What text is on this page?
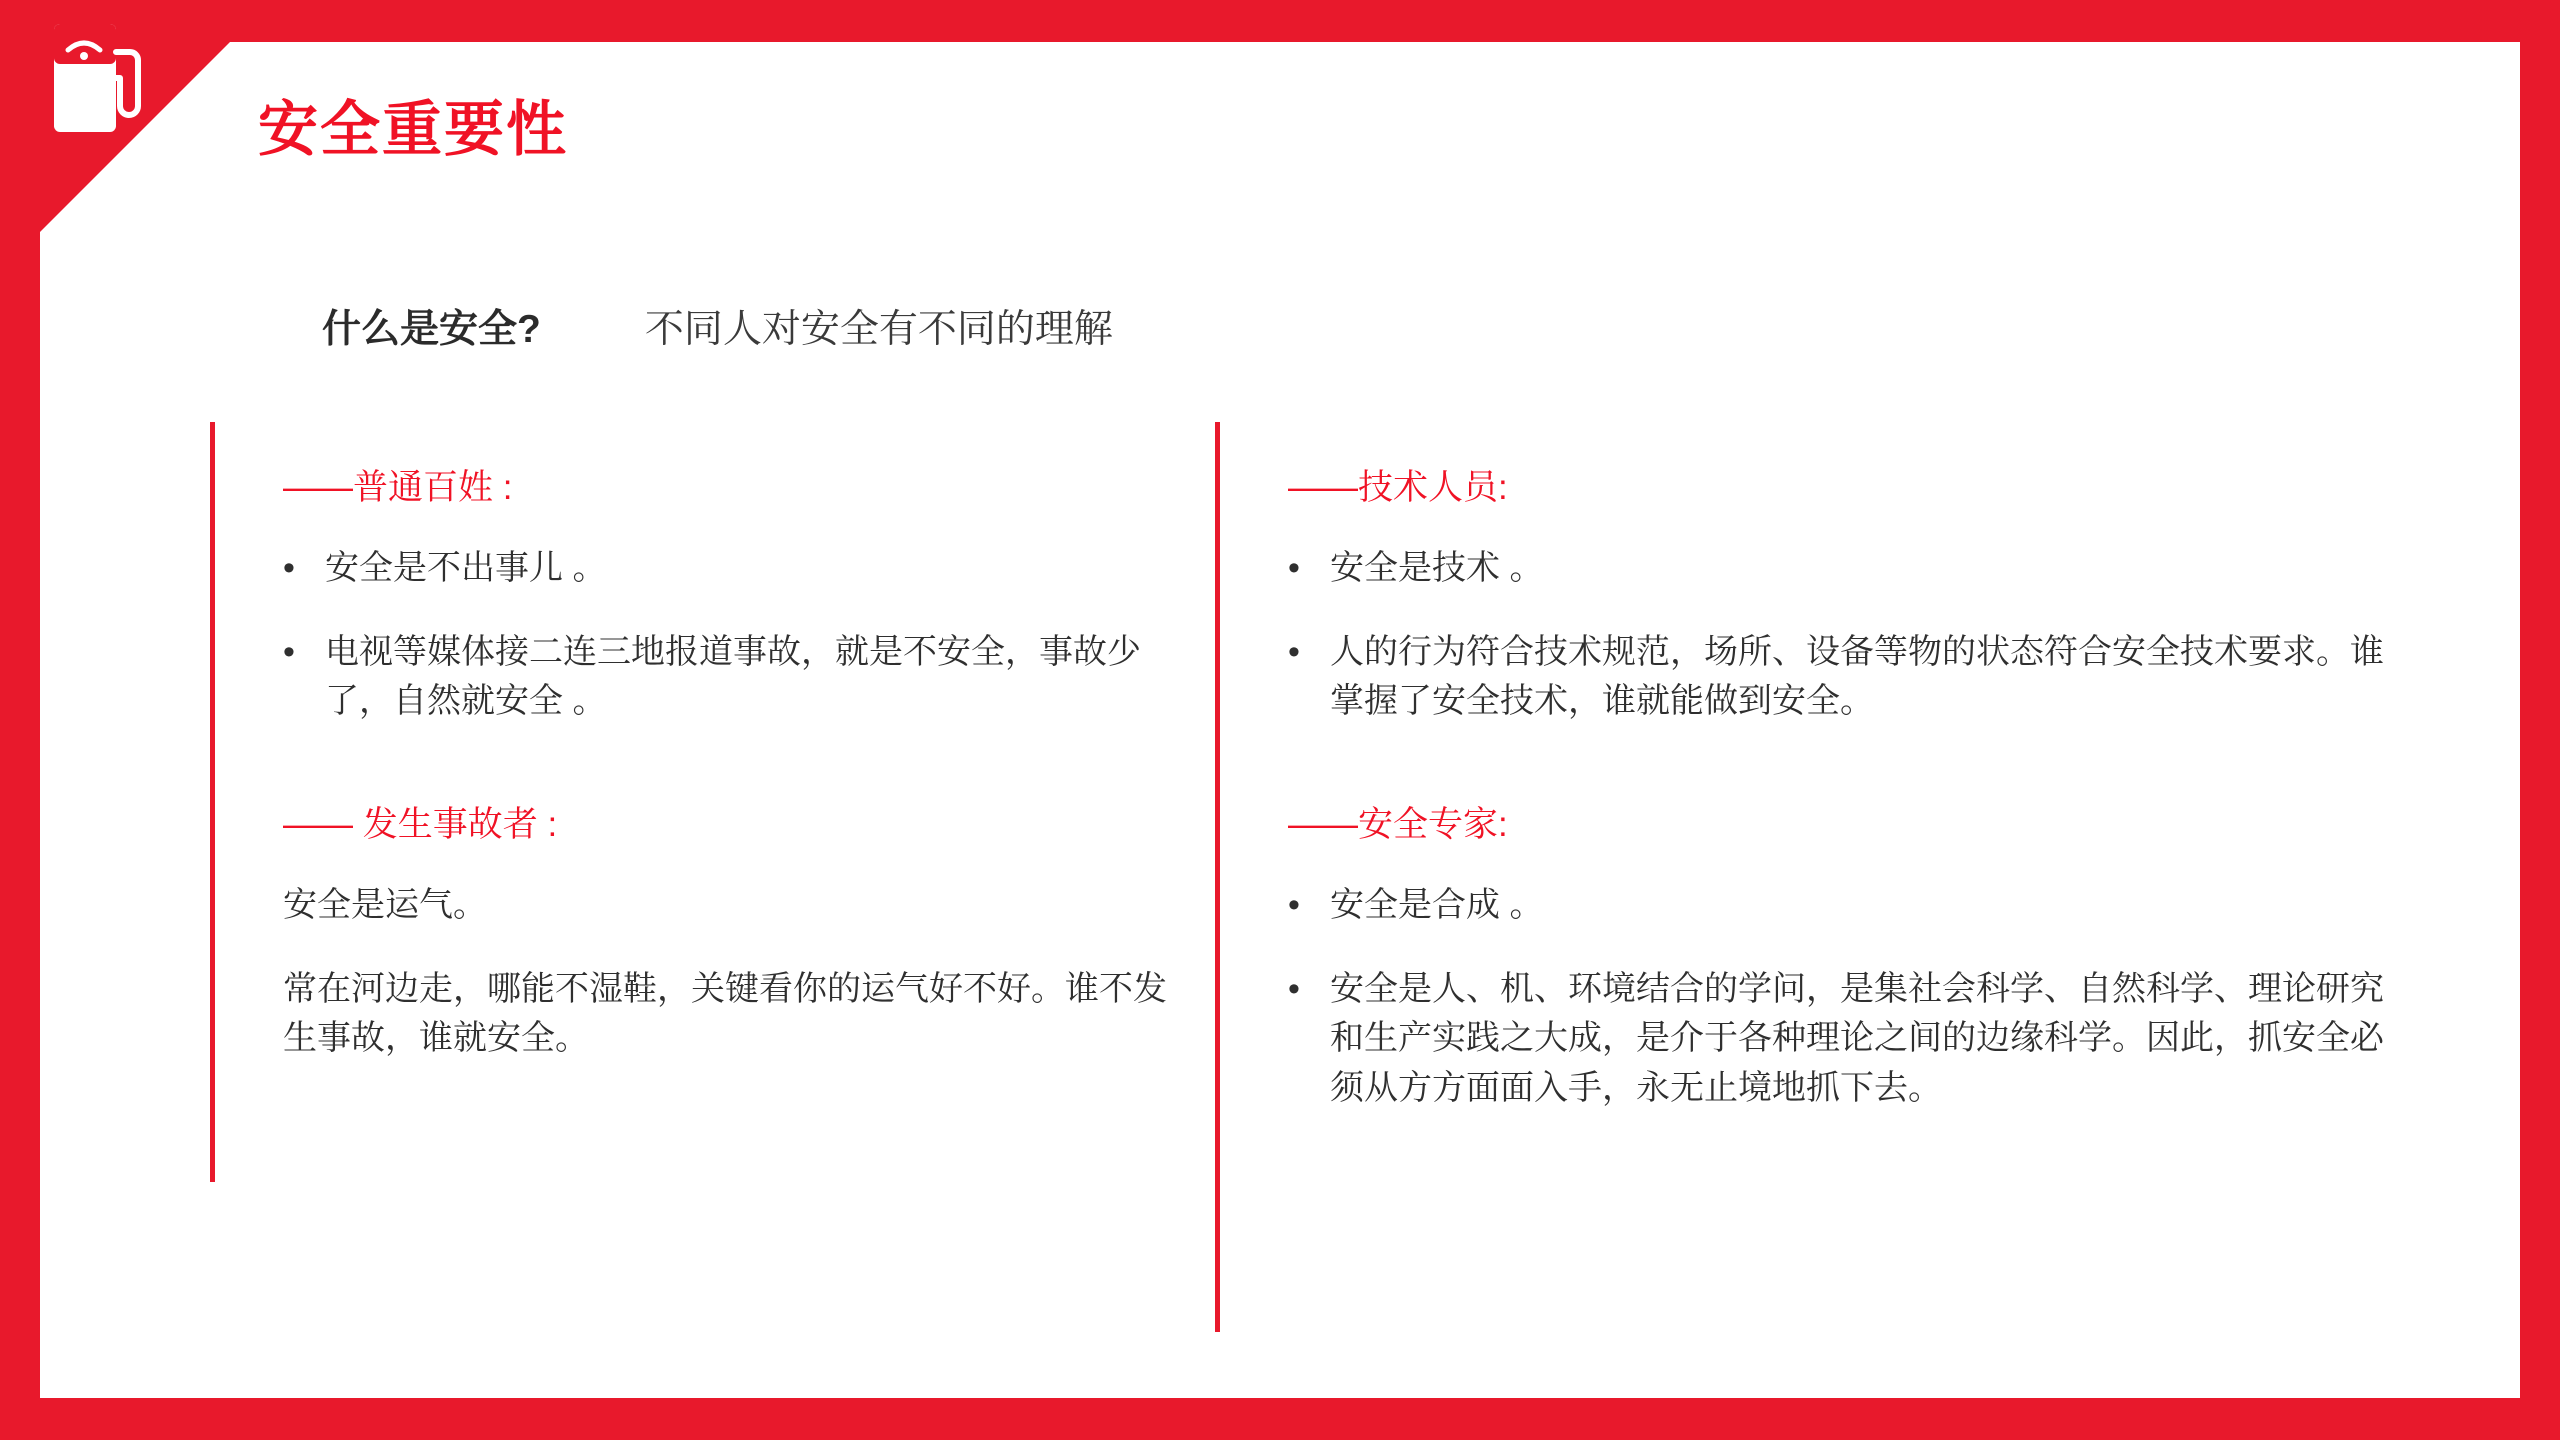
安全重要性
什么是安全?	不同人对安全有不同的理解
——普通百姓 :
• 安全是不出事儿 。
• 电视等媒体接二连三地报道事故，就是不安全，事故少了，自然就安全 。
—— 发生事故者 :
安全是运气。
常在河边走，哪能不湿鞋，关键看你的运气好不好。谁不发生事故，谁就安全。
——技术人员:
• 安全是技术 。
• 人的行为符合技术规范，场所、设备等物的状态符合安全技术要求。谁掌握了安全技术，谁就能做到安全。
——安全专家:
• 安全是合成 。
• 安全是人、机、环境结合的学问，是集社会科学、自然科学、理论研究和生产实践之大成，是介于各种理论之间的边缘科学。因此，抓安全必须从方方面面入手，永无止境地抓下去。
